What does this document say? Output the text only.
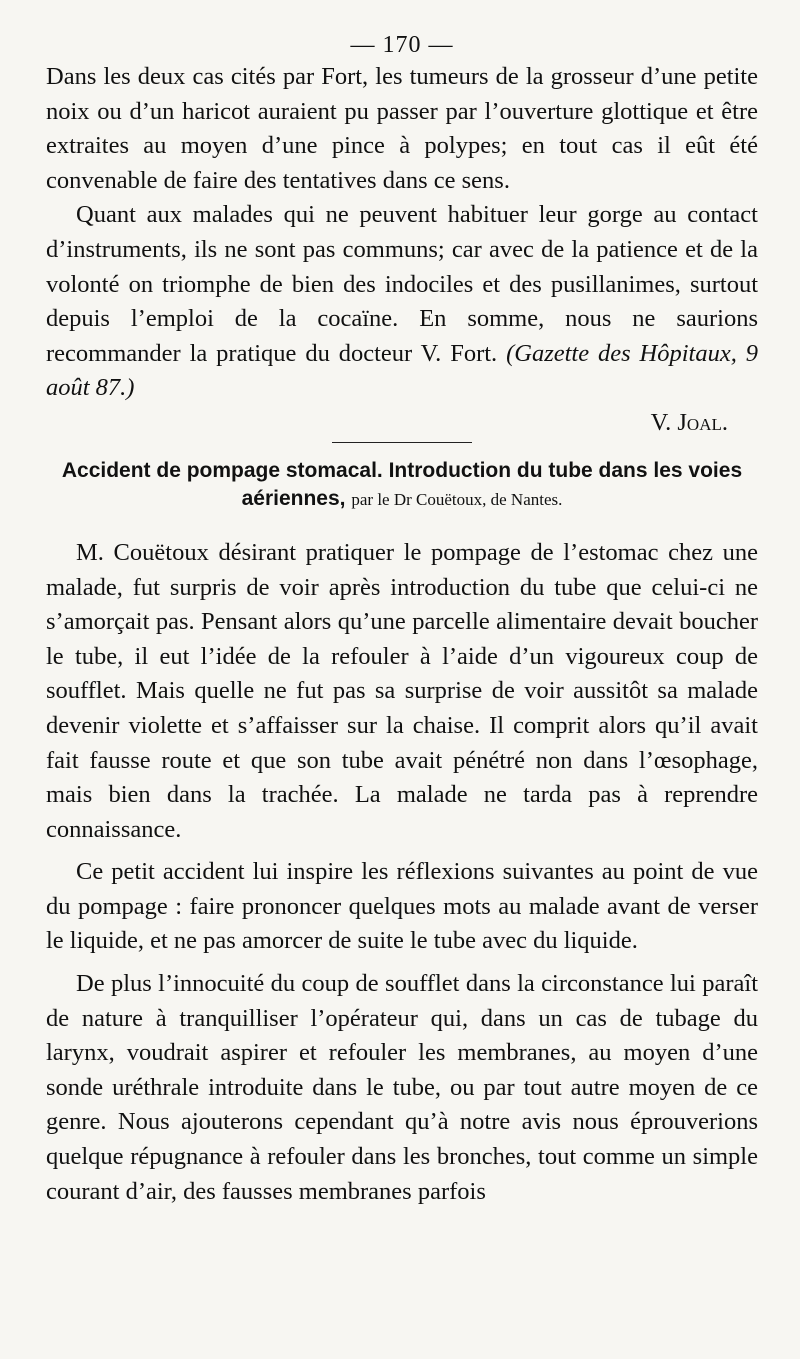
— 170 —

Dans les deux cas cités par Fort, les tumeurs de la grosseur d’une petite noix ou d’un haricot auraient pu passer par l’ouverture glottique et être extraites au moyen d’une pince à polypes; en tout cas il eût été convenable de faire des tentatives dans ce sens.

Quant aux malades qui ne peuvent habituer leur gorge au contact d’instruments, ils ne sont pas communs; car avec de la patience et de la volonté on triomphe de bien des indociles et des pusillanimes, surtout depuis l’emploi de la cocaïne. En somme, nous ne saurions recommander la pratique du docteur V. Fort. (Gazette des Hôpitaux, 9 août 87.)

V. Joal.

Accident de pompage stomacal. Introduction du tube dans les voies aériennes, par le Dr Couëtoux, de Nantes.

M. Couëtoux désirant pratiquer le pompage de l’estomac chez une malade, fut surpris de voir après introduction du tube que celui-ci ne s’amorçait pas. Pensant alors qu’une parcelle alimentaire devait boucher le tube, il eut l’idée de la refouler à l’aide d’un vigoureux coup de soufflet. Mais quelle ne fut pas sa surprise de voir aussitôt sa malade devenir violette et s’affaisser sur la chaise. Il comprit alors qu’il avait fait fausse route et que son tube avait pénétré non dans l’œsophage, mais bien dans la trachée. La malade ne tarda pas à reprendre connaissance.

Ce petit accident lui inspire les réflexions suivantes au point de vue du pompage : faire prononcer quelques mots au malade avant de verser le liquide, et ne pas amorcer de suite le tube avec du liquide.

De plus l’innocuité du coup de soufflet dans la circonstance lui paraît de nature à tranquilliser l’opérateur qui, dans un cas de tubage du larynx, voudrait aspirer et refouler les membranes, au moyen d’une sonde uréthrale introduite dans le tube, ou par tout autre moyen de ce genre. Nous ajouterons cependant qu’à notre avis nous éprouverions quelque répugnance à refouler dans les bronches, tout comme un simple courant d’air, des fausses membranes parfois
